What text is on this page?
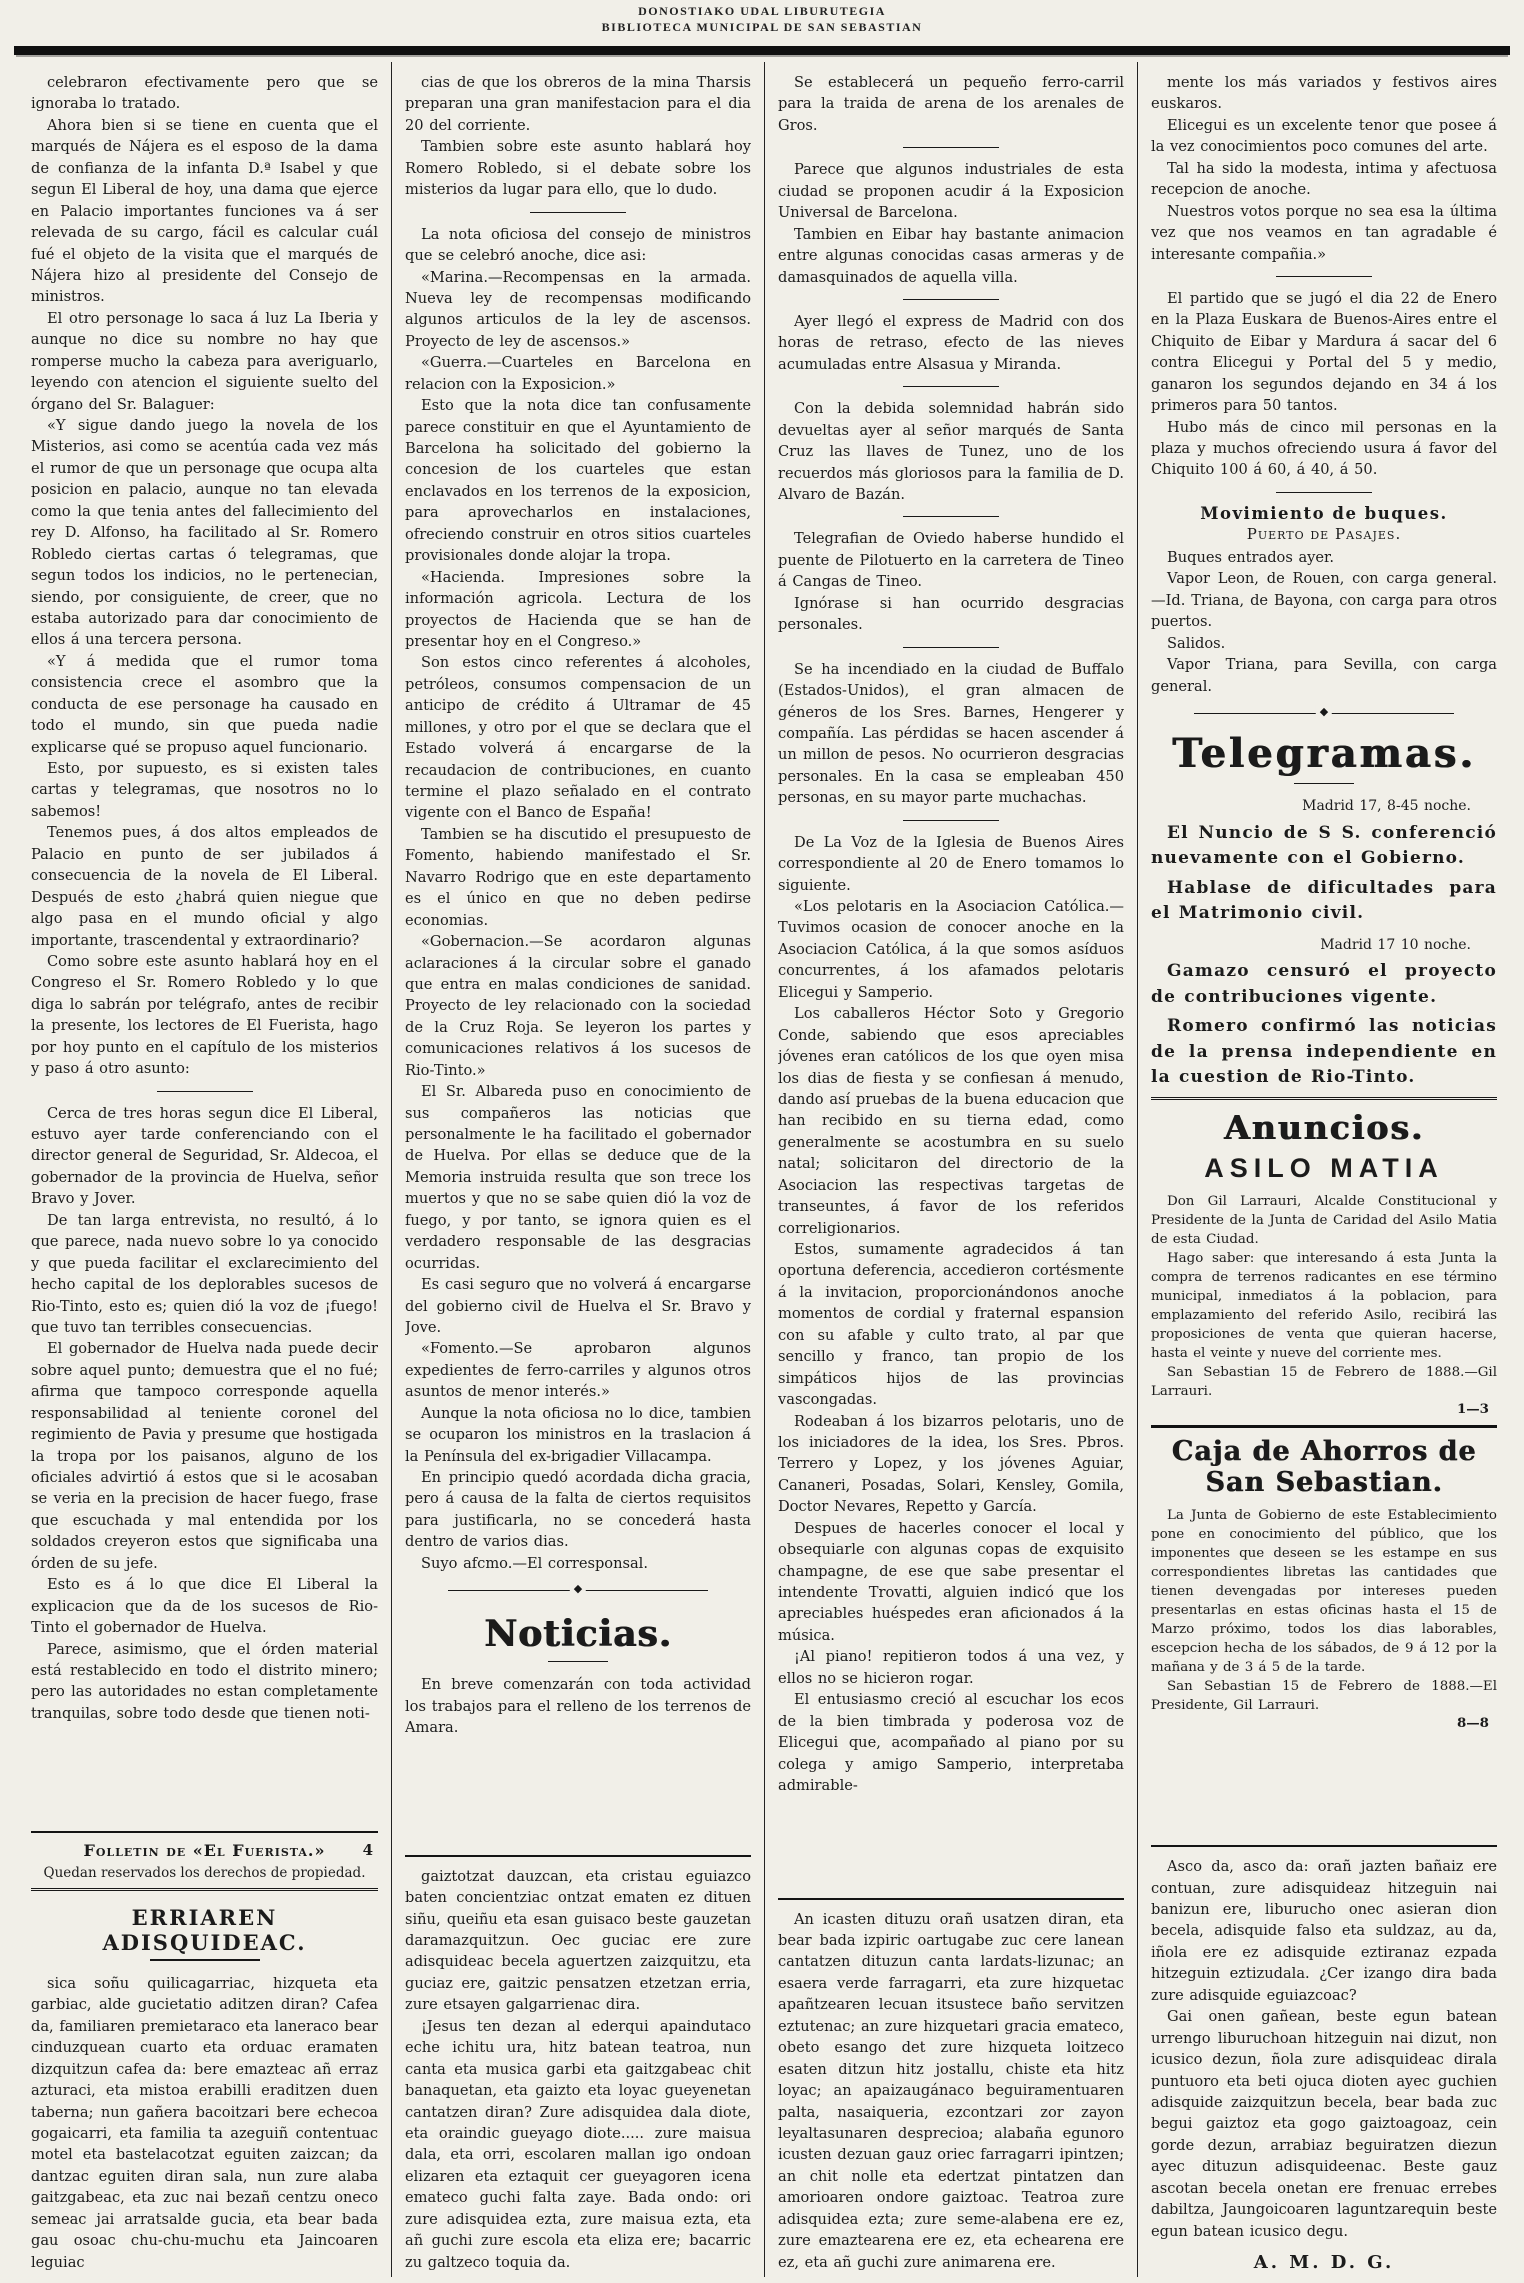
DONOSTIAKO UDAL LIBURUTEGIA
BIBLIOTECA MUNICIPAL DE SAN SEBASTIAN

celebraron efectivamente pero que se ignoraba lo tratado.

Ahora bien si se tiene en cuenta que el marqués de Nájera es el esposo de la dama de confianza de la infanta D.ª Isabel y que segun El Liberal de hoy, una dama que ejerce en Palacio importantes funciones va á ser relevada de su cargo, fácil es calcular cuál fué el objeto de la visita que el marqués de Nájera hizo al presidente del Consejo de ministros.

El otro personage lo saca á luz La Iberia y aunque no dice su nombre no hay que romperse mucho la cabeza para averiguarlo, leyendo con atencion el siguiente suelto del órgano del Sr. Balaguer:

«Y sigue dando juego la novela de los Misterios, asi como se acentúa cada vez más el rumor de que un personage que ocupa alta posicion en palacio, aunque no tan elevada como la que tenia antes del fallecimiento del rey D. Alfonso, ha facilitado al Sr. Romero Robledo ciertas cartas ó telegramas, que segun todos los indicios, no le pertenecian, siendo, por consiguiente, de creer, que no estaba autorizado para dar conocimiento de ellos á una tercera persona.

«Y á medida que el rumor toma consistencia crece el asombro que la conducta de ese personage ha causado en todo el mundo, sin que pueda nadie explicarse qué se propuso aquel funcionario.

Esto, por supuesto, es si existen tales cartas y telegramas, que nosotros no lo sabemos!

Tenemos pues, á dos altos empleados de Palacio en punto de ser jubilados á consecuencia de la novela de El Liberal. Después de esto ¿habrá quien niegue que algo pasa en el mundo oficial y algo importante, trascendental y extraordinario?

Como sobre este asunto hablará hoy en el Congreso el Sr. Romero Robledo y lo que diga lo sabrán por telégrafo, antes de recibir la presente, los lectores de El Fuerista, hago por hoy punto en el capítulo de los misterios y paso á otro asunto:

Cerca de tres horas segun dice El Liberal, estuvo ayer tarde conferenciando con el director general de Seguridad, Sr. Aldecoa, el gobernador de la provincia de Huelva, señor Bravo y Jover.

De tan larga entrevista, no resultó, á lo que parece, nada nuevo sobre lo ya conocido y que pueda facilitar el exclarecimiento del hecho capital de los deplorables sucesos de Rio-Tinto, esto es; quien dió la voz de ¡fuego! que tuvo tan terribles consecuencias.

El gobernador de Huelva nada puede decir sobre aquel punto; demuestra que el no fué; afirma que tampoco corresponde aquella responsabilidad al teniente coronel del regimiento de Pavia y presume que hostigada la tropa por los paisanos, alguno de los oficiales advirtió á estos que si le acosaban se veria en la precision de hacer fuego, frase que escuchada y mal entendida por los soldados creyeron estos que significaba una órden de su jefe.

Esto es á lo que dice El Liberal la explicacion que da de los sucesos de Rio-Tinto el gobernador de Huelva.

Parece, asimismo, que el órden material está restablecido en todo el distrito minero; pero las autoridades no estan completamente tranquilas, sobre todo desde que tienen noti-

Folletin de «El Fuerista.» 4
Quedan reservados los derechos de propiedad.
ERRIAREN ADISQUIDEAC.

sica soñu quilicagarriac, hizqueta eta garbiac, alde gucietatio aditzen diran? Cafea da, familiaren premietaraco eta laneraco bear cinduzquean cuarto eta orduac eramaten dizquitzun cafea da: bere emazteac añ erraz azturaci, eta mistoa erabilli eraditzen duen taberna; nun gañera bacoitzari bere echecoa gogaicarri, eta familia ta azeguiñ contentuac motel eta bastelacotzat eguiten zaizcan; da dantzac eguiten diran sala, nun zure alaba gaitzgabeac, eta zuc nai bezañ centzu oneco semeac jai arratsalde gucia, eta bear bada gau osoac chu-chu-muchu eta Jaincoaren leguiac

cias de que los obreros de la mina Tharsis preparan una gran manifestacion para el dia 20 del corriente.

Tambien sobre este asunto hablará hoy Romero Robledo, si el debate sobre los misterios da lugar para ello, que lo dudo.

La nota oficiosa del consejo de ministros que se celebró anoche, dice asi:

«Marina.—Recompensas en la armada. Nueva ley de recompensas modificando algunos articulos de la ley de ascensos. Proyecto de ley de ascensos.»

«Guerra.—Cuarteles en Barcelona en relacion con la Exposicion.»

Esto que la nota dice tan confusamente parece constituir en que el Ayuntamiento de Barcelona ha solicitado del gobierno la concesion de los cuarteles que estan enclavados en los terrenos de la exposicion, para aprovecharlos en instalaciones, ofreciendo construir en otros sitios cuarteles provisionales donde alojar la tropa.

«Hacienda. Impresiones sobre la información agricola. Lectura de los proyectos de Hacienda que se han de presentar hoy en el Congreso.»

Son estos cinco referentes á alcoholes, petróleos, consumos compensacion de un anticipo de crédito á Ultramar de 45 millones, y otro por el que se declara que el Estado volverá á encargarse de la recaudacion de contribuciones, en cuanto termine el plazo señalado en el contrato vigente con el Banco de España!

Tambien se ha discutido el presupuesto de Fomento, habiendo manifestado el Sr. Navarro Rodrigo que en este departamento es el único en que no deben pedirse economias.

«Gobernacion.—Se acordaron algunas aclaraciones á la circular sobre el ganado que entra en malas condiciones de sanidad. Proyecto de ley relacionado con la sociedad de la Cruz Roja. Se leyeron los partes y comunicaciones relativos á los sucesos de Rio-Tinto.»

El Sr. Albareda puso en conocimiento de sus compañeros las noticias que personalmente le ha facilitado el gobernador de Huelva. Por ellas se deduce que de la Memoria instruida resulta que son trece los muertos y que no se sabe quien dió la voz de fuego, y por tanto, se ignora quien es el verdadero responsable de las desgracias ocurridas.

Es casi seguro que no volverá á encargarse del gobierno civil de Huelva el Sr. Bravo y Jove.

«Fomento.—Se aprobaron algunos expedientes de ferro-carriles y algunos otros asuntos de menor interés.»

Aunque la nota oficiosa no lo dice, tambien se ocuparon los ministros en la traslacion á la Península del ex-brigadier Villacampa.

En principio quedó acordada dicha gracia, pero á causa de la falta de ciertos requisitos para justificarla, no se concederá hasta dentro de varios dias.

Suyo afcmo.—El corresponsal.

◆
Noticias.

En breve comenzarán con toda actividad los trabajos para el relleno de los terrenos de Amara.

gaiztotzat dauzcan, eta cristau eguiazco baten concientziac ontzat ematen ez dituen siñu, queiñu eta esan guisaco beste gauzetan daramazquitzun. Oec guciac ere zure adisquideac becela aguertzen zaizquitzu, eta guciaz ere, gaitzic pensatzen etzetzan erria, zure etsayen galgarrienac dira.

¡Jesus ten dezan al ederqui apaindutaco eche ichitu ura, hitz batean teatroa, nun canta eta musica garbi eta gaitzgabeac chit banaquetan, eta gaizto eta loyac gueyenetan cantatzen diran? Zure adisquidea dala diote, eta oraindic gueyago diote..... zure maisua dala, eta orri, escolaren mallan igo ondoan elizaren eta eztaquit cer gueyagoren icena emateco guchi falta zaye. Bada ondo: ori zure adisquidea ezta, zure maisua ezta, eta añ guchi zure escola eta eliza ere; bacarric zu galtzeco toquia da.

Se establecerá un pequeño ferro-carril para la traida de arena de los arenales de Gros.

Parece que algunos industriales de esta ciudad se proponen acudir á la Exposicion Universal de Barcelona.

Tambien en Eibar hay bastante animacion entre algunas conocidas casas armeras y de damasquinados de aquella villa.

Ayer llegó el express de Madrid con dos horas de retraso, efecto de las nieves acumuladas entre Alsasua y Miranda.

Con la debida solemnidad habrán sido devueltas ayer al señor marqués de Santa Cruz las llaves de Tunez, uno de los recuerdos más gloriosos para la familia de D. Alvaro de Bazán.

Telegrafian de Oviedo haberse hundido el puente de Pilotuerto en la carretera de Tineo á Cangas de Tineo.

Ignórase si han ocurrido desgracias personales.

Se ha incendiado en la ciudad de Buffalo (Estados-Unidos), el gran almacen de géneros de los Sres. Barnes, Hengerer y compañía. Las pérdidas se hacen ascender á un millon de pesos. No ocurrieron desgracias personales. En la casa se empleaban 450 personas, en su mayor parte muchachas.

De La Voz de la Iglesia de Buenos Aires correspondiente al 20 de Enero tomamos lo siguiente.

«Los pelotaris en la Asociacion Católica.—Tuvimos ocasion de conocer anoche en la Asociacion Católica, á la que somos asíduos concurrentes, á los afamados pelotaris Elicegui y Samperio.

Los caballeros Héctor Soto y Gregorio Conde, sabiendo que esos apreciables jóvenes eran católicos de los que oyen misa los dias de fiesta y se confiesan á menudo, dando así pruebas de la buena educacion que han recibido en su tierna edad, como generalmente se acostumbra en su suelo natal; solicitaron del directorio de la Asociacion las respectivas targetas de transeuntes, á favor de los referidos correligionarios.

Estos, sumamente agradecidos á tan oportuna deferencia, accedieron cortésmente á la invitacion, proporcionándonos anoche momentos de cordial y fraternal espansion con su afable y culto trato, al par que sencillo y franco, tan propio de los simpáticos hijos de las provincias vascongadas.

Rodeaban á los bizarros pelotaris, uno de los iniciadores de la idea, los Sres. Pbros. Terrero y Lopez, y los jóvenes Aguiar, Cananeri, Posadas, Solari, Kensley, Gomila, Doctor Nevares, Repetto y García.

Despues de hacerles conocer el local y obsequiarle con algunas copas de exquisito champagne, de ese que sabe presentar el intendente Trovatti, alguien indicó que los apreciables huéspedes eran aficionados á la música.

¡Al piano! repitieron todos á una vez, y ellos no se hicieron rogar.

El entusiasmo creció al escuchar los ecos de la bien timbrada y poderosa voz de Elicegui que, acompañado al piano por su colega y amigo Samperio, interpretaba admirable-

An icasten dituzu orañ usatzen diran, eta bear bada izpiric oartugabe zuc cere lanean cantatzen dituzun canta lardats-lizunac; an esaera verde farragarri, eta zure hizquetac apañtzearen lecuan itsustece baño servitzen eztutenac; an zure hizquetari gracia emateco, obeto esango det zure hizqueta loitzeco esaten ditzun hitz jostallu, chiste eta hitz loyac; an apaizaugánaco beguiramentuaren palta, nasaiqueria, ezcontzari zor zayon leyaltasunaren desprecioa; alabaña egunoro icusten dezuan gauz oriec farragarri ipintzen; an chit nolle eta edertzat pintatzen dan amorioaren ondore gaiztoac. Teatroa zure adisquidea ezta; zure seme-alabena ere ez, zure emaztearena ere ez, eta echearena ere ez, eta añ guchi zure animarena ere.

mente los más variados y festivos aires euskaros.

Elicegui es un excelente tenor que posee á la vez conocimientos poco comunes del arte.

Tal ha sido la modesta, intima y afectuosa recepcion de anoche.

Nuestros votos porque no sea esa la última vez que nos veamos en tan agradable é interesante compañia.»

El partido que se jugó el dia 22 de Enero en la Plaza Euskara de Buenos-Aires entre el Chiquito de Eibar y Mardura á sacar del 6 contra Elicegui y Portal del 5 y medio, ganaron los segundos dejando en 34 á los primeros para 50 tantos.

Hubo más de cinco mil personas en la plaza y muchos ofreciendo usura á favor del Chiquito 100 á 60, á 40, á 50.

Movimiento de buques.
Puerto de Pasajes.

Buques entrados ayer.

Vapor Leon, de Rouen, con carga general. —Id. Triana, de Bayona, con carga para otros puertos.

Salidos.

Vapor Triana, para Sevilla, con carga general.

◆
Telegramas.

Madrid 17, 8-45 noche.

El Nuncio de S S. conferenció nuevamente con el Gobierno.

Hablase de dificultades para el Matrimonio civil.

Madrid 17 10 noche.

Gamazo censuró el proyecto de contribuciones vigente.

Romero confirmó las noticias de la prensa independiente en la cuestion de Rio-Tinto.

Anuncios.
ASILO MATIA

Don Gil Larrauri, Alcalde Constitucional y Presidente de la Junta de Caridad del Asilo Matia de esta Ciudad.

Hago saber: que interesando á esta Junta la compra de terrenos radicantes en ese término municipal, inmediatos á la poblacion, para emplazamiento del referido Asilo, recibirá las proposiciones de venta que quieran hacerse, hasta el veinte y nueve del corriente mes.

San Sebastian 15 de Febrero de 1888.—Gil Larrauri.

1—3
Caja de Ahorros de San Sebastian.

La Junta de Gobierno de este Establecimiento pone en conocimiento del público, que los imponentes que deseen se les estampe en sus correspondientes libretas las cantidades que tienen devengadas por intereses pueden presentarlas en estas oficinas hasta el 15 de Marzo próximo, todos los dias laborables, escepcion hecha de los sábados, de 9 á 12 por la mañana y de 3 á 5 de la tarde.

San Sebastian 15 de Febrero de 1888.—El Presidente, Gil Larrauri.

8—8

Asco da, asco da: orañ jazten bañaiz ere contuan, zure adisquideaz hitzeguin nai banizun ere, liburucho onec asieran dion becela, adisquide falso eta suldzaz, au da, iñola ere ez adisquide eztiranaz ezpada hitzeguin eztizudala. ¿Cer izango dira bada zure adisquide eguiazcoac?

Gai onen gañean, beste egun batean urrengo liburuchoan hitzeguin nai dizut, non icusico dezun, ñola zure adisquideac dirala puntuoro eta beti ojuca dioten ayec guchien adisquide zaizquitzun becela, bear bada zuc begui gaiztoz eta gogo gaiztoagoaz, cein gorde dezun, arrabiaz beguiratzen diezun ayec dituzun adisquideenac. Beste gauz ascotan becela onetan ere frenuac errebes dabiltza, Jaungoicoaren laguntzarequin beste egun batean icusico degu.

A. M. D. G.
